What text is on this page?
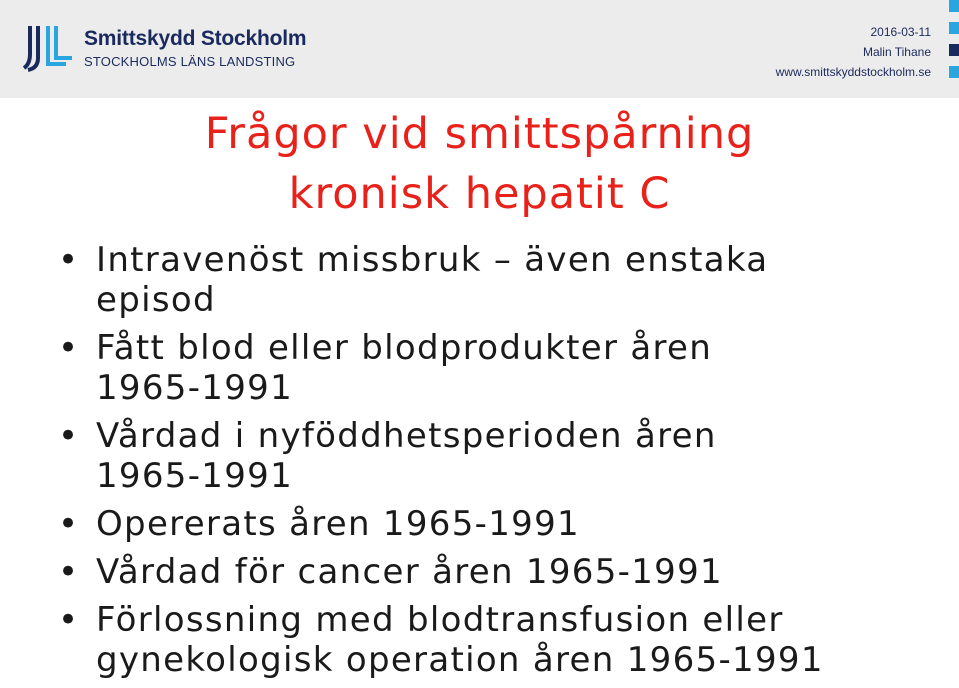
Smittskydd Stockholm
STOCKHOLMS LÄNS LANDSTING
2016-03-11
Malin Tihane
www.smittskyddstockholm.se
Frågor vid smittspårning
kronisk hepatit C
• Intravenöst missbruk – även enstaka
episod
• Fått blod eller blodprodukter åren
1965-1991
• Vårdad i nyföddhetsperioden åren
1965-1991
• Opererats åren 1965-1991
• Vårdad för cancer åren 1965-1991
• Förlossning med blodtransfusion eller
gynekologisk operation åren 1965-1991
